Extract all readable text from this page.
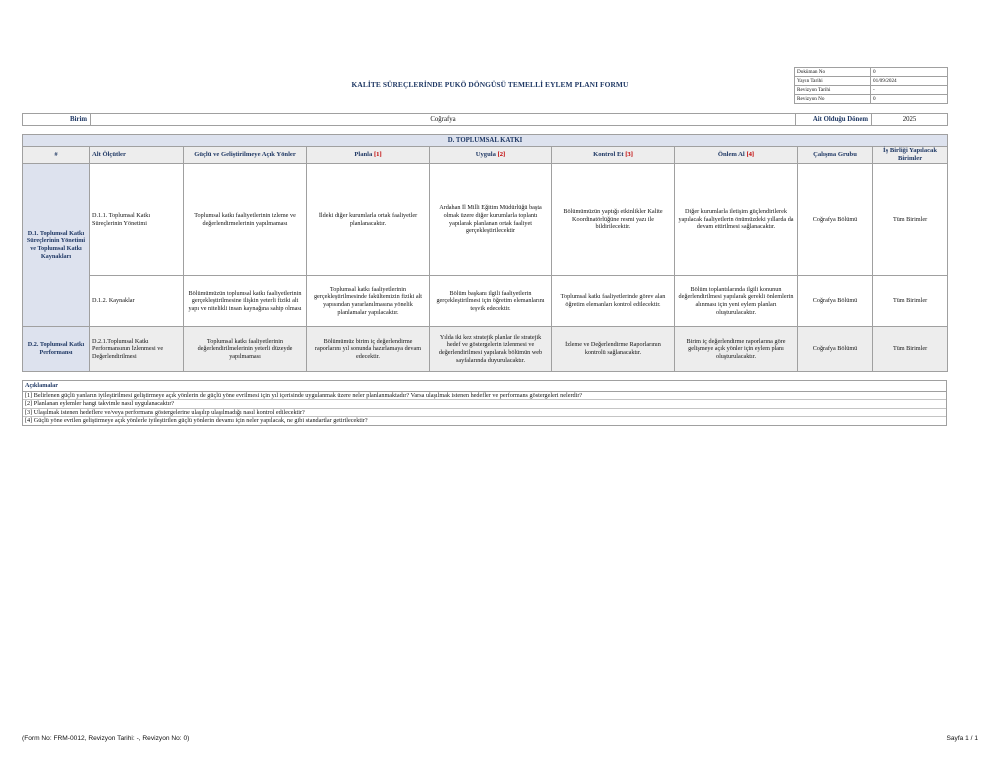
KALİTE SÜREÇLERİNDE PUKÖ DÖNGÜSÜ TEMELLİ EYLEM PLANI FORMU
Doküman No	0
Yayın Tarihi	01/09/2024
Revizyon Tarihi	-
Revizyon No	0
Birim	Coğrafya	Ait Olduğu Dönem	2025
D. TOPLUMSAL KATKI								
#	Alt Ölçütler	Güçlü ve Geliştirilmeye Açık Yönler	Planla [1]	Uygula [2]	Kontrol Et [3]	Önlem Al [4]	Çalışma Grubu	İş Birliği Yapılacak Birimler
D.1. Toplumsal Katkı Süreçlerinin Yönetimi ve Toplumsal Katkı Kaynakları	D.1.1. Toplumsal Katkı Süreçlerinin Yönetimi	Toplumsal katkı faaliyetlerinin izleme ve değerlendirmelerinin yapılmaması	İldeki diğer kurumlarla ortak faaliyetler planlanacaktır.	Ardahan İl Milli Eğitim Müdürlüğü başta olmak üzere diğer kurumlarla toplantı yapılarak planlanan ortak faaliyet gerçekleştirilecektir	Bölümümüzün yaptığı etkinlikler Kalite Koordinatörlüğüne resmi yazı ile bildirilecektir.	Diğer kurumlarla iletişim güçlendirilerek yapılacak faaliyetlerin önümüzdeki yıllarda da devam ettirilmesi sağlanacaktır.	Coğrafya Bölümü	Tüm Birimler
	D.1.2. Kaynaklar	Bölümümüzün toplumsal katkı faaliyetlerinin gerçekleştirilmesine ilişkin yeterli fiziki alt yapı ve nitelikli insan kaynağına sahip olması	Toplumsal katkı faaliyetlerinin gerçekleştirilmesinde fakültemizin fiziki alt yapısından yararlanılmasına yönelik planlamalar yapılacaktır.	Bölüm başkanı ilgili faaliyetlerin gerçekleştirilmesi için öğretim elemanlarını teşvik edecektir.	Toplumsal katkı faaliyetlerinde görev alan öğretim elemanları kontrol edilecektir.	Bölüm toplantılarında ilgili konunun değerlendirilmesi yapılarak gerekli önlemlerin alınması için yeni eylem planları oluşturulacaktır.	Coğrafya Bölümü	Tüm Birimler
D.2. Toplumsal Katkı Performansı	D.2.1.Toplumsal Katkı Performansının İzlenmesi ve Değerlendirilmesi	Toplumsal katkı faaliyetlerinin değerlendirilmelerinin yeterli düzeyde yapılmaması	Bölümümüz birim iç değerlendirme raporlarını yıl sonunda hazırlamaya devam edecektir.	Yılda iki kez stratejik planlar ile stratejik hedef ve göstergelerin izlenmesi ve değerlendirilmesi yapılarak bölümün web sayfalarında duyurulacaktır.	İzleme ve Değerlendirme Raporlarının kontrolü sağlanacaktır.	Birim iç değerlendirme raporlarına göre gelişmeye açık yönler için eylem planı oluşturulacaktır.	Coğrafya Bölümü	Tüm Birimler
Açıklamalar
[1] Belirlenen güçlü yanların iyileştirilmesi geliştirmeye açık yönlerin de güçlü yöne evrilmesi için yıl içerisinde uygulanmak üzere neler planlanmaktadır? Varsa ulaşılmak istenen hedefler ve performans göstergeleri nelerdir?
[2] Planlanan eylemler hangi takvimle nasıl uygulanacaktır?
[3] Ulaşılmak istenen hedeflere ve/veya performans göstergelerine ulaşılıp ulaşılmadığı nasıl kontrol edilecektir?
[4] Güçlü yöne evrilen geliştirmeye açık yönlerle iyileştirilen güçlü yönlerin devamı için neler yapılacak, ne gibi standartlar getirilecektir?
(Form No: FRM-0012, Revizyon Tarihi: -, Revizyon No: 0)	Sayfa 1 / 1
